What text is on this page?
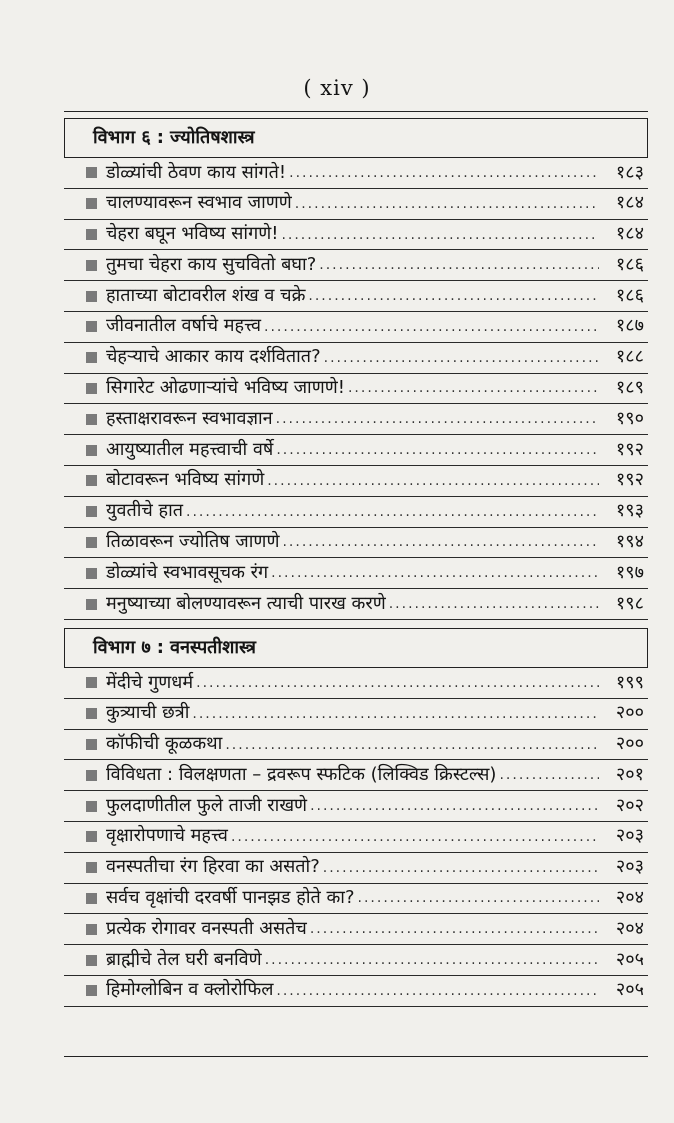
( xiv )
विभाग ६ : ज्योतिषशास्त्र
डोळ्यांची ठेवण काय सांगते! .....	१८३
चालण्यावरून स्वभाव जाणणे .....	१८४
चेहरा बघून भविष्य सांगणे! .....	१८४
तुमचा चेहरा काय सुचवितो बघा? .....	१८६
हाताच्या बोटावरील शंख व चक्रे .....	१८६
जीवनातील वर्षाचे महत्त्व .....	१८७
चेहऱ्याचे आकार काय दर्शवितात? .....	१८८
सिगारेट ओढणाऱ्यांचे भविष्य जाणणे! .....	१८९
हस्ताक्षरावरून स्वभावज्ञान .....	१९०
आयुष्यातील महत्त्वाची वर्षे .....	१९२
बोटावरून भविष्य सांगणे .....	१९२
युवतीचे हात .....	१९३
तिळावरून ज्योतिष जाणणे .....	१९४
डोळ्यांचे स्वभावसूचक रंग .....	१९७
मनुष्याच्या बोलण्यावरून त्याची पारख करणे .....	१९८
विभाग ७ : वनस्पतीशास्त्र
मेंदीचे गुणधर्म .....	१९९
कुत्र्याची छत्री .....	२००
कॉफीची कूळकथा .....	२००
विविधता : विलक्षणता – द्रवरूप स्फटिक (लिक्विड क्रिस्टल्स) .....	२०१
फुलदाणीतील फुले ताजी राखणे .....	२०२
वृक्षारोपणाचे महत्त्व .....	२०३
वनस्पतीचा रंग हिरवा का असतो? .....	२०३
सर्वच वृक्षांची दरवर्षी पानझड होते का? .....	२०४
प्रत्येक रोगावर वनस्पती असतेच .....	२०४
ब्राह्मीचे तेल घरी बनविणे .....	२०५
हिमोग्लोबिन व क्लोरोफिल .....	२०५
